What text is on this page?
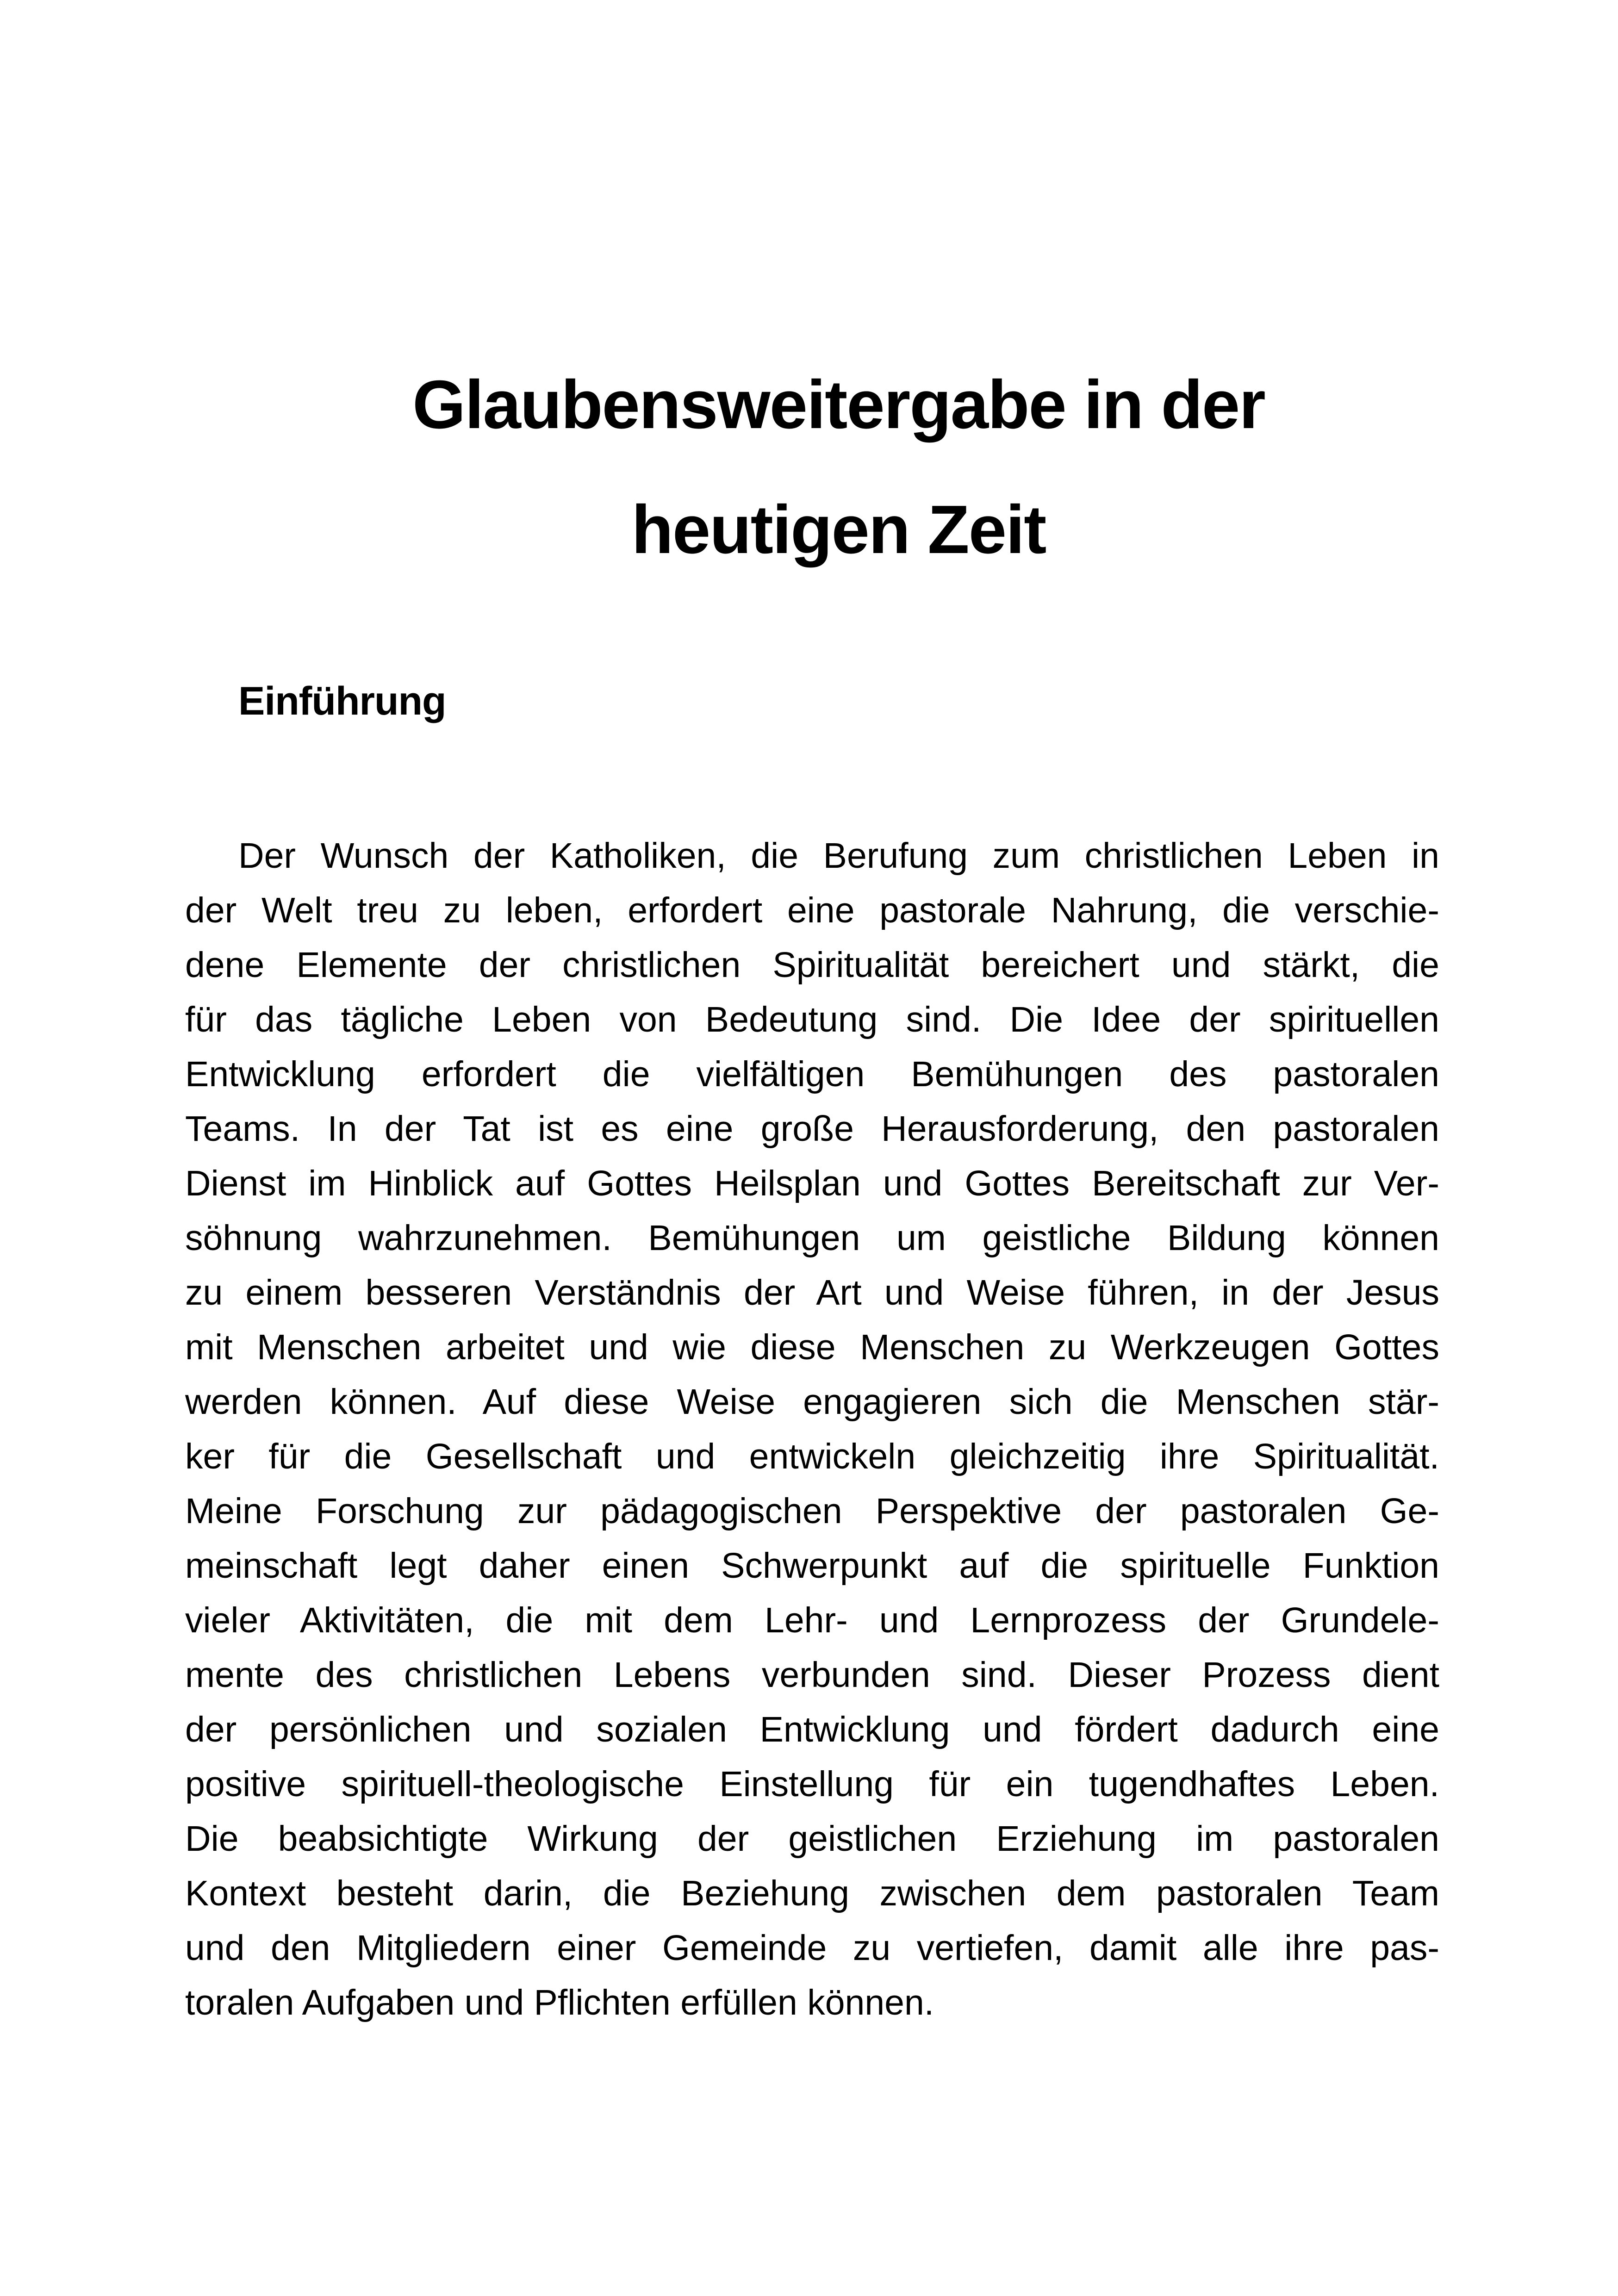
Glaubensweitergabe in der
heutigen Zeit
Einführung
Der Wunsch der Katholiken, die Berufung zum christlichen Leben in
der Welt treu zu leben, erfordert eine pastorale Nahrung, die verschie-
dene Elemente der christlichen Spiritualität bereichert und stärkt, die
für das tägliche Leben von Bedeutung sind. Die Idee der spirituellen
Entwicklung erfordert die vielfältigen Bemühungen des pastoralen
Teams. In der Tat ist es eine große Herausforderung, den pastoralen
Dienst im Hinblick auf Gottes Heilsplan und Gottes Bereitschaft zur Ver-
söhnung wahrzunehmen. Bemühungen um geistliche Bildung können
zu einem besseren Verständnis der Art und Weise führen, in der Jesus
mit Menschen arbeitet und wie diese Menschen zu Werkzeugen Gottes
werden können. Auf diese Weise engagieren sich die Menschen stär-
ker für die Gesellschaft und entwickeln gleichzeitig ihre Spiritualität.
Meine Forschung zur pädagogischen Perspektive der pastoralen Ge-
meinschaft legt daher einen Schwerpunkt auf die spirituelle Funktion
vieler Aktivitäten, die mit dem Lehr- und Lernprozess der Grundele-
mente des christlichen Lebens verbunden sind. Dieser Prozess dient
der persönlichen und sozialen Entwicklung und fördert dadurch eine
positive spirituell-theologische Einstellung für ein tugendhaftes Leben.
Die beabsichtigte Wirkung der geistlichen Erziehung im pastoralen
Kontext besteht darin, die Beziehung zwischen dem pastoralen Team
und den Mitgliedern einer Gemeinde zu vertiefen, damit alle ihre pas-
toralen Aufgaben und Pflichten erfüllen können.
